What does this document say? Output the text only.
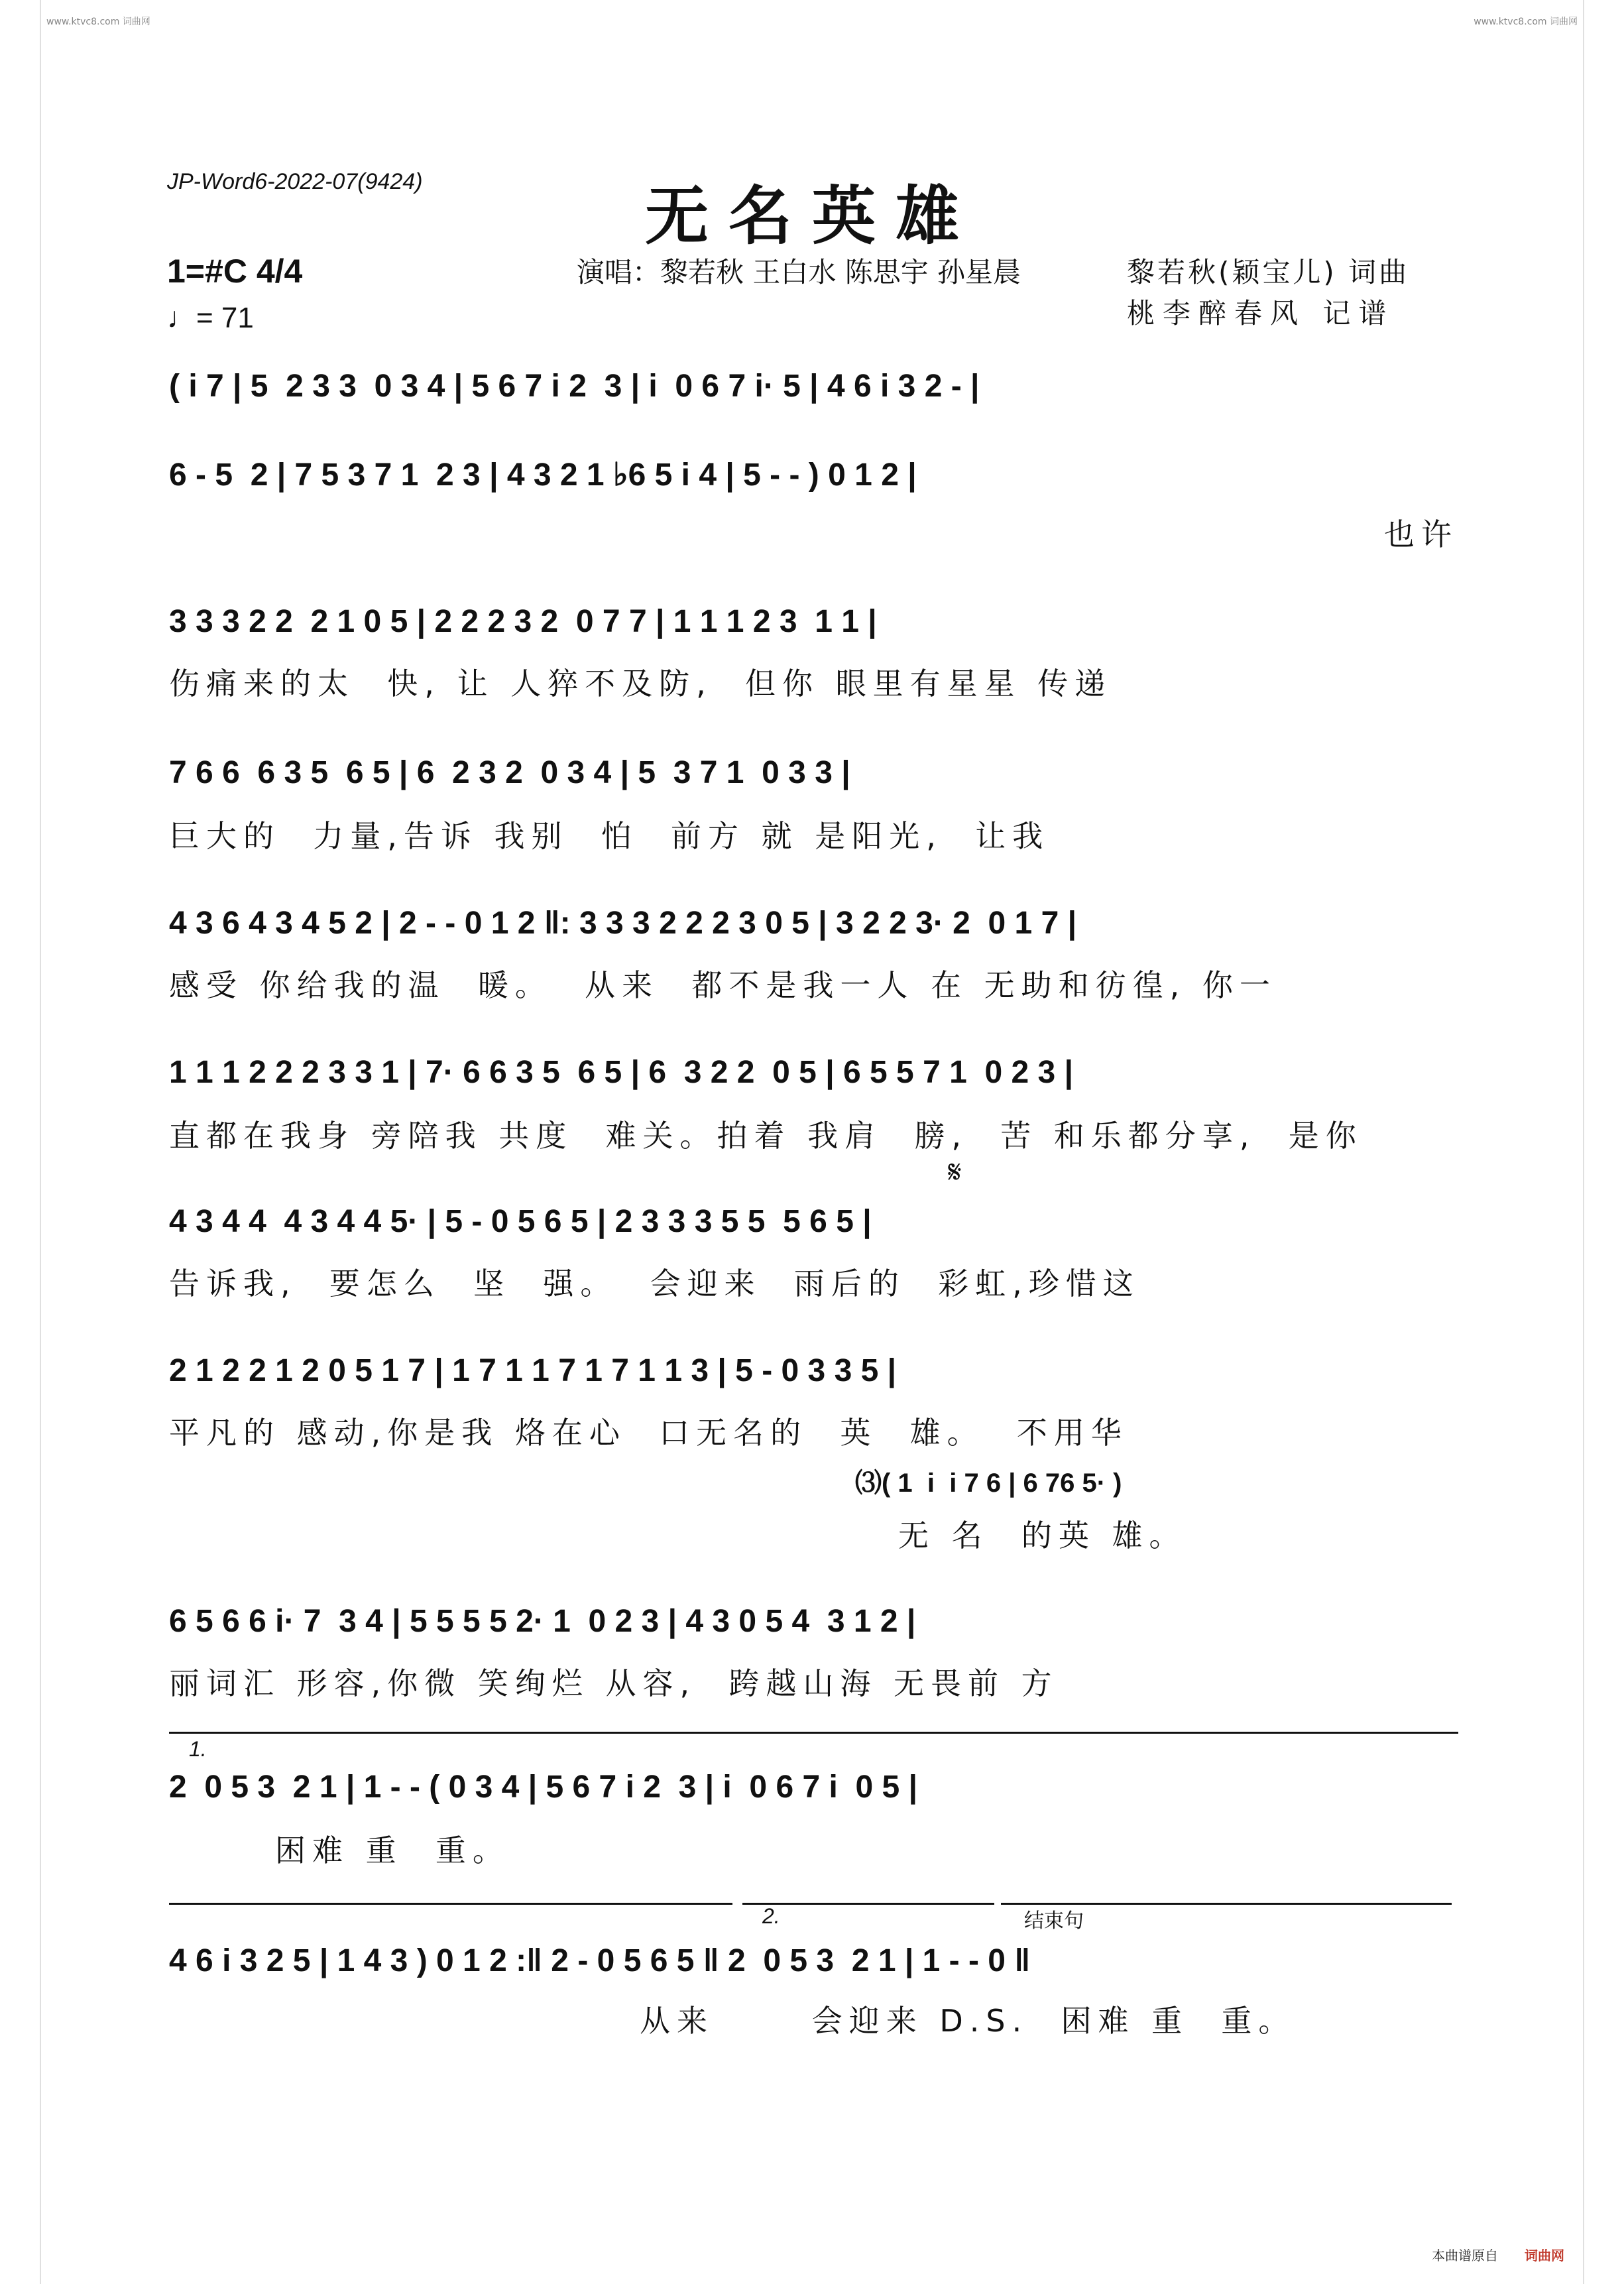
www.ktvc8.com 词曲网	www.ktvc8.com 词曲网
JP-Word6-2022-07(9424)	无名英雄
1=#C 4/4
♩= 71
演唱：黎若秋 王白水 陈思宇 孙星晨	黎若秋(颖宝儿) 词曲
桃李醉春风 记谱
( i 7 | 5  2 3 3  0 3 4 | 5 6 7 i 2  3 | i  0 6 7 i· 5 | 4 6 i 3 2 - |
6 - 5  2 | 7 5 3 7 1  2 3 | 4 3 2 1 ♭6 5 i 4 | 5 - - ) 0 1 2 |
也许
3 3 3 2 2  2 1 0 5 | 2 2 2 3 2  0 7 7 | 1 1 1 2 3  1 1 |
伤痛来的太  快, 让 人猝不及防,  但你 眼里有星星 传递
7 6 6  6 3 5  6 5 | 6  2 3 2  0 3 4 | 5  3 7 1  0 3 3 |
巨大的  力量,告诉 我别  怕  前方 就 是阳光,  让我
4 3 6 4 3 4 5 2 | 2 - - 0 1 2 ‖: 3 3 3 2 2 2 3 0 5 | 3 2 2 3· 2  0 1 7 |
感受 你给我的温  暖。  从来  都不是我一人 在 无助和彷徨, 你一
1 1 1 2 2 2 3 3 1 | 7· 6 6 3 5  6 5 | 6  3 2 2  0 5 | 6 5 5 7 1  0 2 3 |
直都在我身 旁陪我 共度  难关。拍着 我肩  膀,  苦 和乐都分享,  是你
𝄋
4 3 4 4  4 3 4 4 5· | 5 - 0 5 6 5 | 2 3 3 3 5 5  5 6 5 |
告诉我,  要怎么  坚  强。  会迎来  雨后的  彩虹,珍惜这
2 1 2 2 1 2 0 5 1 7 | 1 7 1 1 7 1 7 1 1 3 | 5 - 0 3 3 5 |
平凡的 感动,你是我 烙在心  口无名的  英  雄。  不用华
⑶( 1  i  i 7 6 | 6 76 5· )
无 名  的英 雄。
6 5 6 6 i· 7  3 4 | 5 5 5 5 2· 1  0 2 3 | 4 3 0 5 4  3 1 2 |
丽词汇 形容,你微 笑绚烂 从容,  跨越山海 无畏前 方
1.
2  0 5 3  2 1 | 1 - - ( 0 3 4 | 5 6 7 i 2  3 | i  0 6 7 i  0 5 |
困难 重  重。
2.	结束句
4 6 i 3 2 5 | 1 4 3 ) 0 1 2 :‖ 2 - 0 5 6 5 ‖ 2  0 5 3  2 1 | 1 - - 0 ‖
从来      会迎来 D.S.  困难 重  重。
本曲谱原自 词曲网
